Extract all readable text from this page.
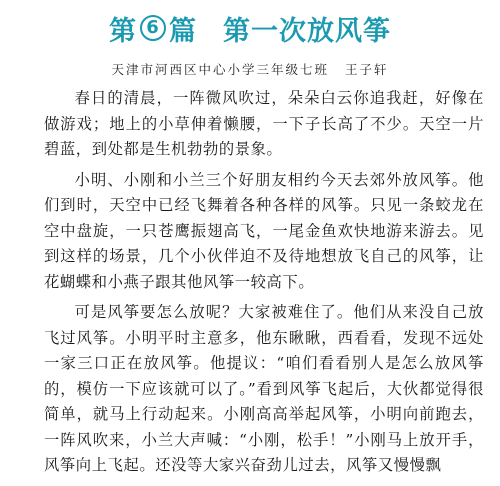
第 6 篇 第一次放风筝
天津市河西区中心小学三年级七班 王子轩

春日的清晨，一阵微风吹过，朵朵白云你追我赶，好像在做游戏；地上的小草伸着懒腰，一下子长高了不少。天空一片碧蓝，到处都是生机勃勃的景象。

小明、小刚和小兰三个好朋友相约今天去郊外放风筝。他们到时，天空中已经飞舞着各种各样的风筝。只见一条蛟龙在空中盘旋，一只苍鹰振翅高飞，一尾金鱼欢快地游来游去。见到这样的场景，几个小伙伴迫不及待地想放飞自己的风筝，让花蝴蝶和小燕子跟其他风筝一较高下。

可是风筝要怎么放呢？大家被难住了。他们从来没自己放飞过风筝。小明平时主意多，他东瞅瞅，西看看，发现不远处一家三口正在放风筝。他提议：“咱们看看别人是怎么放风筝的，模仿一下应该就可以了。”看到风筝飞起后，大伙都觉得很简单，就马上行动起来。小刚高高举起风筝，小明向前跑去，一阵风吹来，小兰大声喊：“小刚，松手！”小刚马上放开手，风筝向上飞起。还没等大家兴奋劲儿过去，风筝又慢慢飘
